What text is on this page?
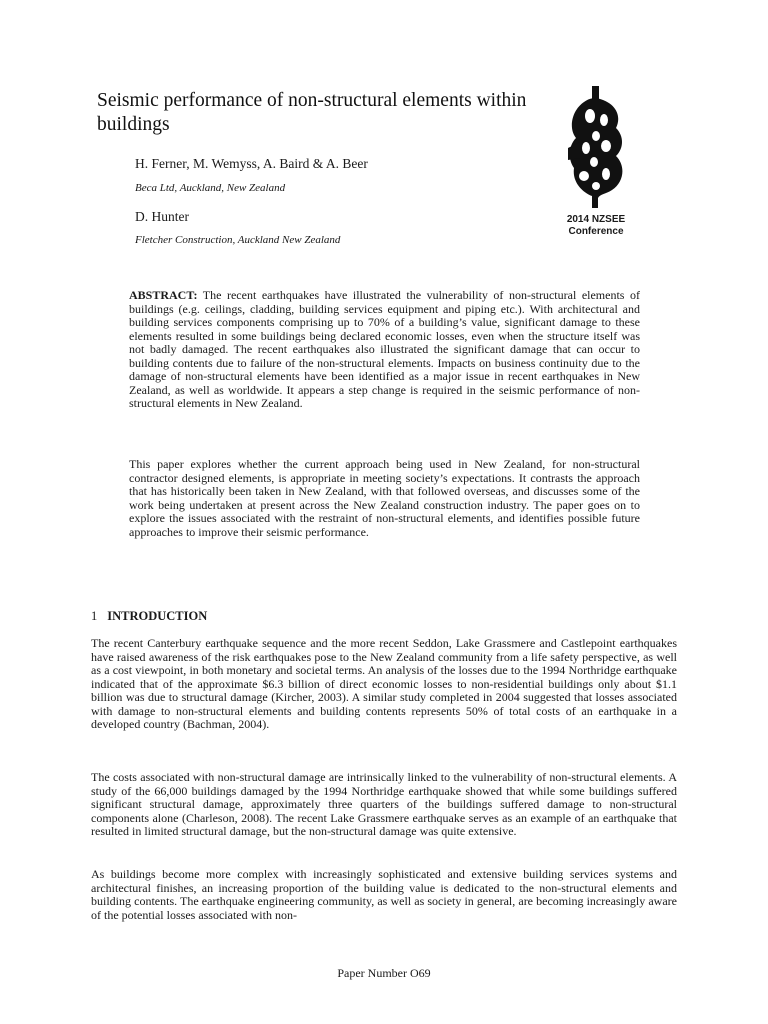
Seismic performance of non-structural elements within buildings
H. Ferner, M. Wemyss, A. Baird & A. Beer
Beca Ltd, Auckland, New Zealand
D. Hunter
Fletcher Construction, Auckland New Zealand
2014 NZSEE
Conference

ABSTRACT: The recent earthquakes have illustrated the vulnerability of non-structural elements of buildings (e.g. ceilings, cladding, building services equipment and piping etc.). With architectural and building services components comprising up to 70% of a building’s value, significant damage to these elements resulted in some buildings being declared economic losses, even when the structure itself was not badly damaged. The recent earthquakes also illustrated the significant damage that can occur to building contents due to failure of the non-structural elements. Impacts on business continuity due to the damage of non-structural elements have been identified as a major issue in recent earthquakes in New Zealand, as well as worldwide. It appears a step change is required in the seismic performance of non-structural elements in New Zealand.

This paper explores whether the current approach being used in New Zealand, for non-structural contractor designed elements, is appropriate in meeting society’s expectations. It contrasts the approach that has historically been taken in New Zealand, with that followed overseas, and discusses some of the work being undertaken at present across the New Zealand construction industry. The paper goes on to explore the issues associated with the restraint of non-structural elements, and identifies possible future approaches to improve their seismic performance.

1 INTRODUCTION

The recent Canterbury earthquake sequence and the more recent Seddon, Lake Grassmere and Castlepoint earthquakes have raised awareness of the risk earthquakes pose to the New Zealand community from a life safety perspective, as well as a cost viewpoint, in both monetary and societal terms. An analysis of the losses due to the 1994 Northridge earthquake indicated that of the approximate $6.3 billion of direct economic losses to non-residential buildings only about $1.1 billion was due to structural damage (Kircher, 2003). A similar study completed in 2004 suggested that losses associated with damage to non-structural elements and building contents represents 50% of total costs of an earthquake in a developed country (Bachman, 2004).

The costs associated with non-structural damage are intrinsically linked to the vulnerability of non-structural elements. A study of the 66,000 buildings damaged by the 1994 Northridge earthquake showed that while some buildings suffered significant structural damage, approximately three quarters of the buildings suffered damage to non-structural components alone (Charleson, 2008). The recent Lake Grassmere earthquake serves as an example of an earthquake that resulted in limited structural damage, but the non-structural damage was quite extensive.

As buildings become more complex with increasingly sophisticated and extensive building services systems and architectural finishes, an increasing proportion of the building value is dedicated to the non-structural elements and building contents. The earthquake engineering community, as well as society in general, are becoming increasingly aware of the potential losses associated with non-

Paper Number O69
